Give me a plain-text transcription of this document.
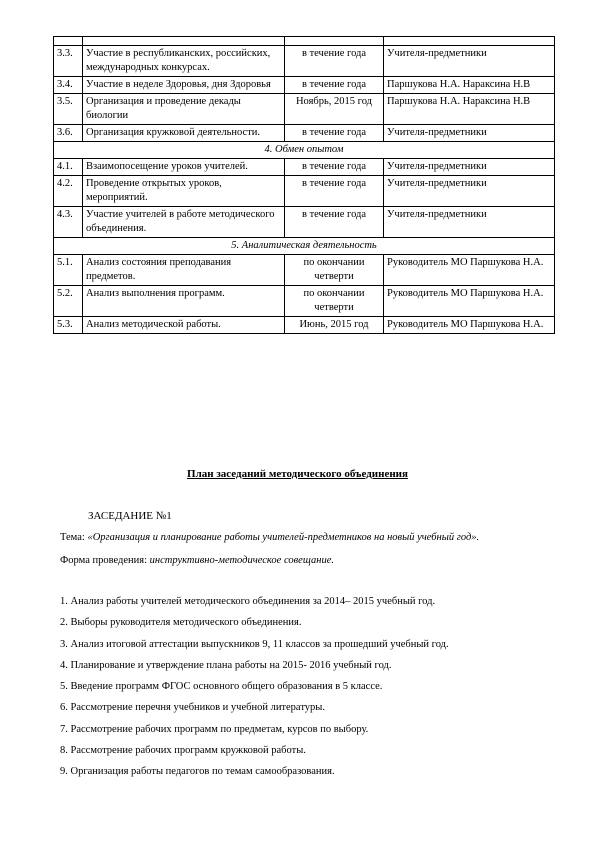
3.3.	Участие в республиканских, российских, международных конкурсах.	в течение года	Учителя-предметники
3.4.	Участие в неделе Здоровья, дня Здоровья	в течение года	Паршукова Н.А. Нараксина Н.В
3.5.	Организация и проведение декады биологии	Ноябрь, 2015 год	Паршукова Н.А. Нараксина Н.В
3.6.	Организация кружковой деятельности.	в течение года	Учителя-предметники
4. Обмен опытом			
4.1.	Взаимопосещение уроков учителей.	в течение года	Учителя-предметники
4.2.	Проведение открытых уроков, мероприятий.	в течение года	Учителя-предметники
4.3.	Участие учителей в работе методического объединения.	в течение года	Учителя-предметники
5. Аналитическая деятельность			
5.1.	Анализ состояния преподавания предметов.	по окончании четверти	Руководитель МО Паршукова Н.А.
5.2.	Анализ выполнения программ.	по окончании четверти	Руководитель МО Паршукова Н.А.
5.3.	Анализ методической работы.	Июнь, 2015 год	Руководитель МО Паршукова Н.А.
План заседаний методического объединения
ЗАСЕДАНИЕ №1
Тема: «Организация и планирование работы учителей-предметников на новый учебный год».
Форма проведения: инструктивно-методическое совещание.
1. Анализ работы учителей методического объединения за 2014– 2015 учебный год.
2. Выборы руководителя методического объединения.
3. Анализ итоговой аттестации выпускников 9, 11 классов за прошедший учебный год.
4. Планирование и утверждение плана работы на 2015- 2016 учебный год.
5. Введение программ ФГОС основного общего образования в 5 классе.
6. Рассмотрение перечня учебников и учебной литературы.
7. Рассмотрение рабочих программ по предметам, курсов по выбору.
8. Рассмотрение рабочих программ кружковой работы.
9. Организация работы педагогов по темам самообразования.
